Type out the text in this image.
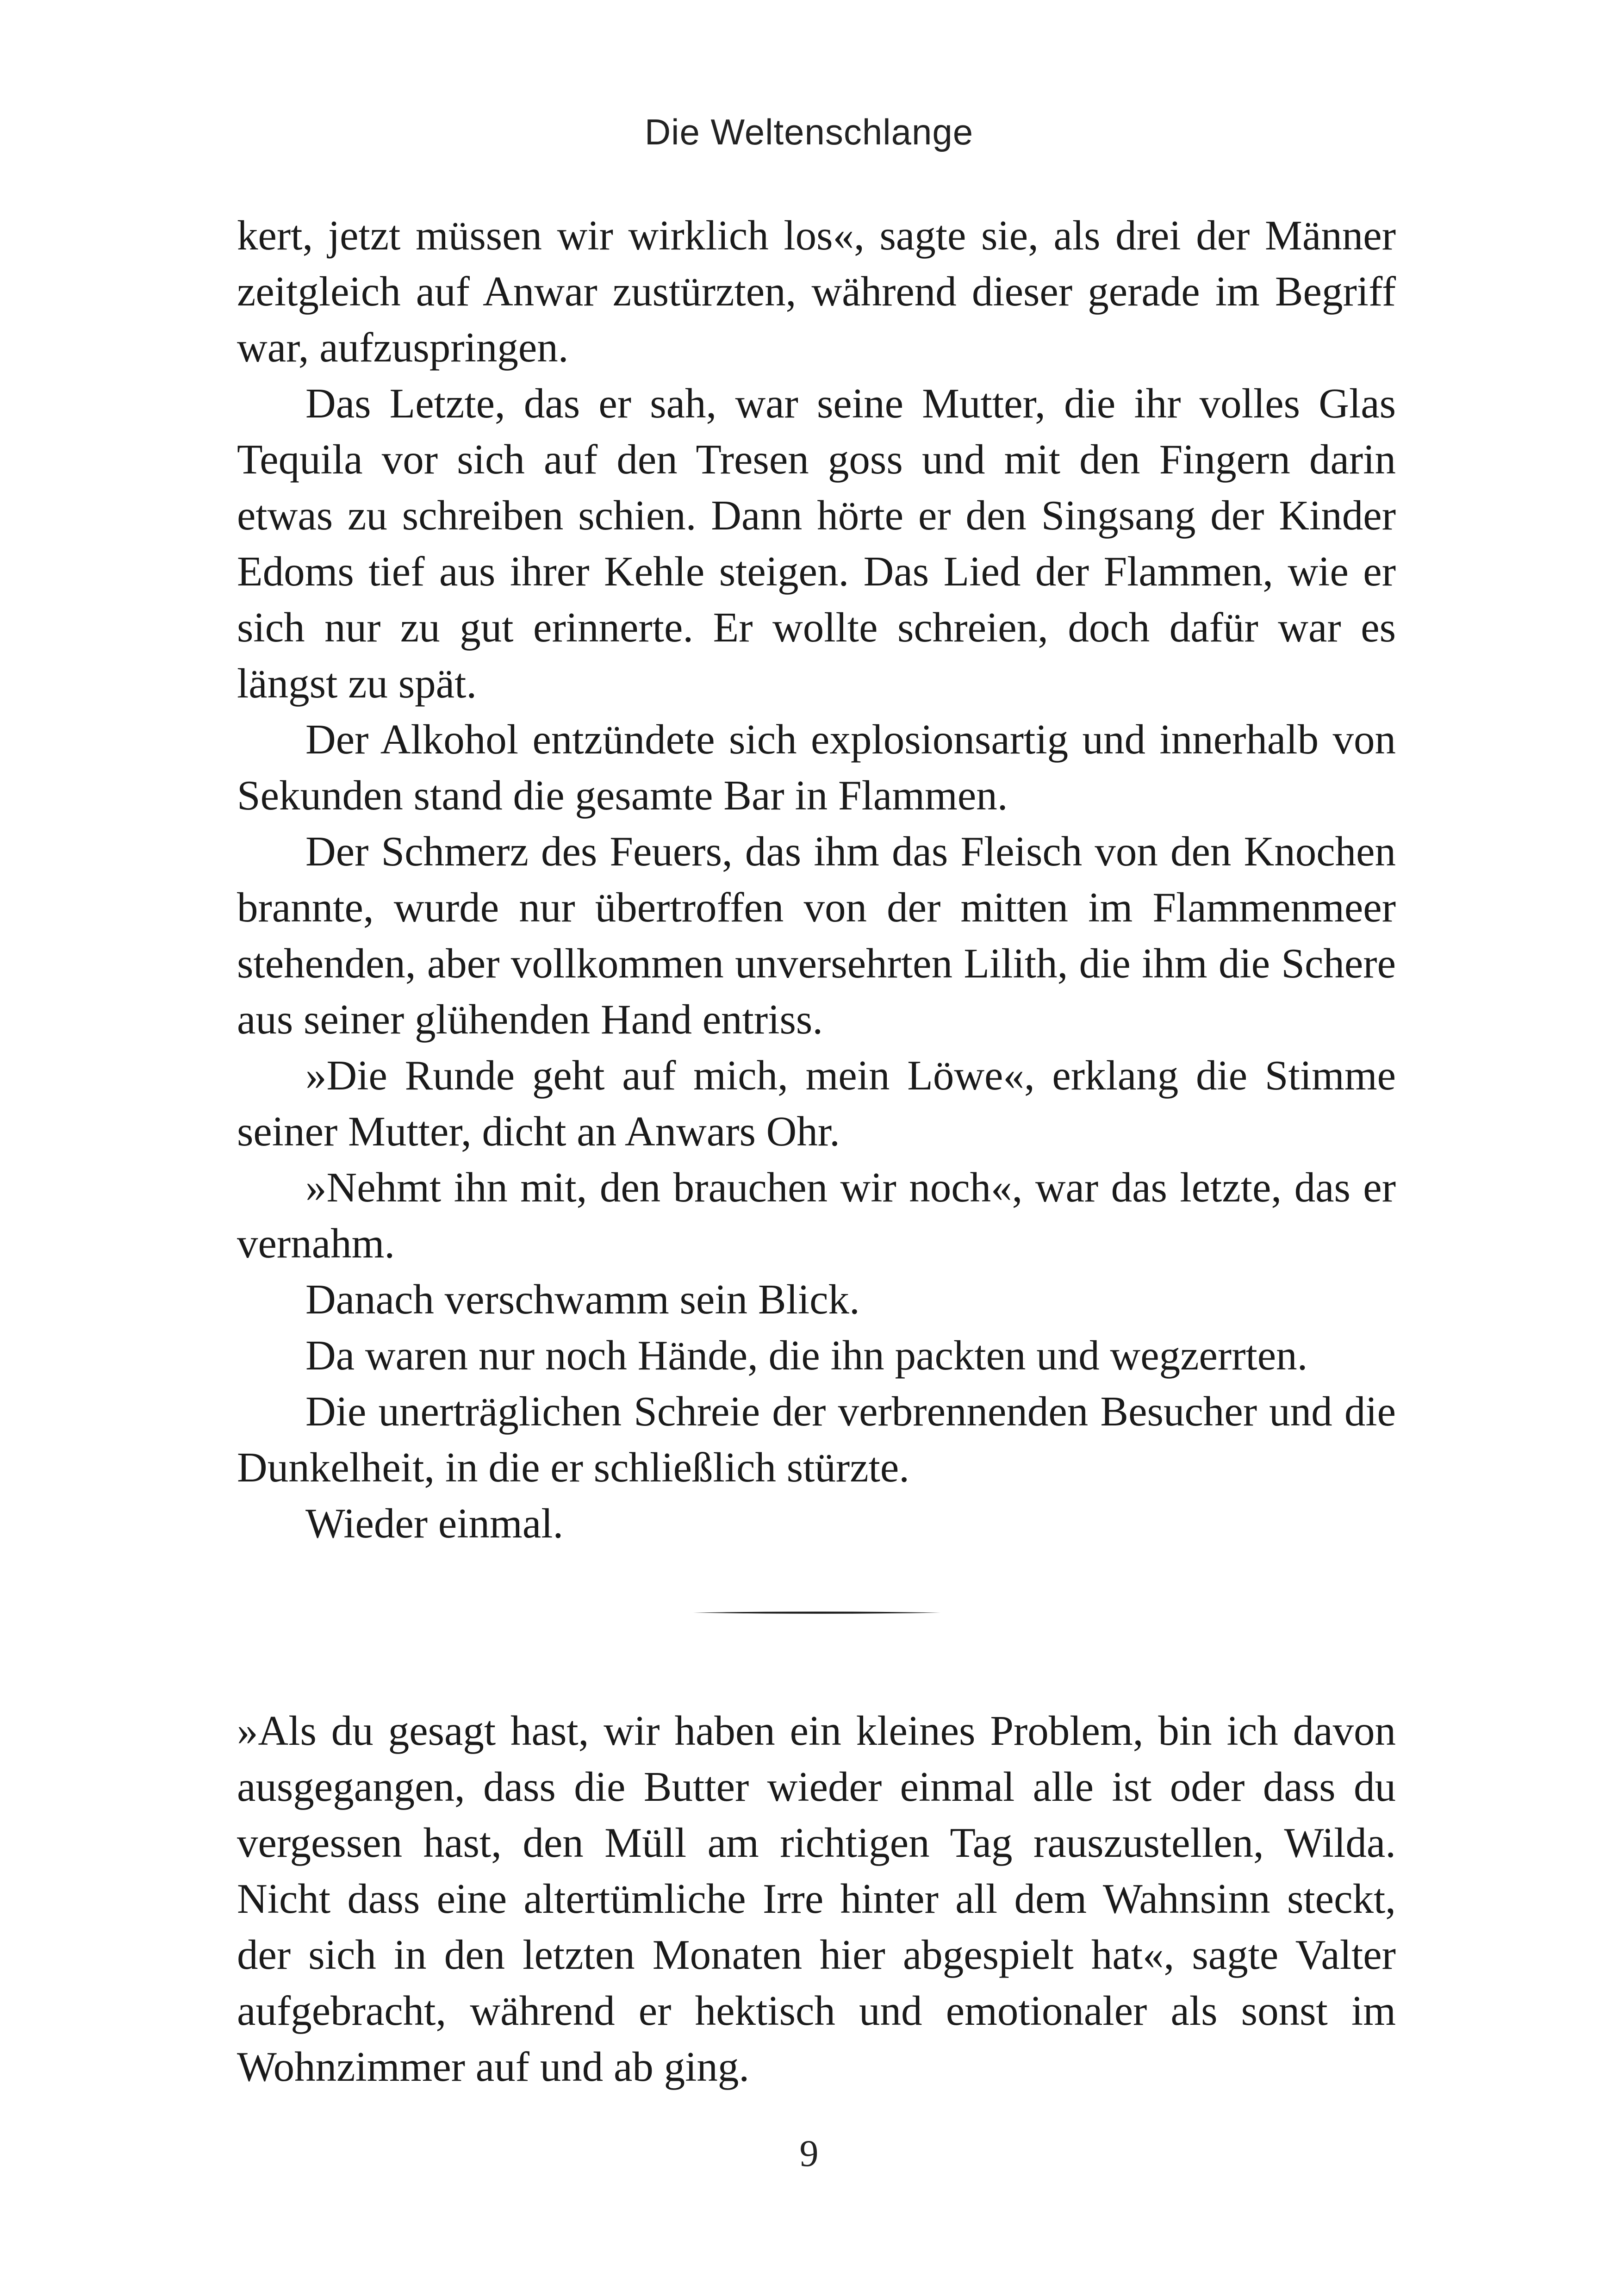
Die Weltenschlange

kert, jetzt müssen wir wirklich los«, sagte sie, als drei der Männer zeitgleich auf Anwar zustürzten, während dieser gerade im Begriff war, aufzuspringen.

Das Letzte, das er sah, war seine Mutter, die ihr volles Glas Tequila vor sich auf den Tresen goss und mit den Fingern darin etwas zu schreiben schien. Dann hörte er den Singsang der Kinder Edoms tief aus ihrer Kehle steigen. Das Lied der Flammen, wie er sich nur zu gut erinnerte. Er wollte schreien, doch dafür war es längst zu spät.

Der Alkohol entzündete sich explosionsartig und innerhalb von Sekunden stand die gesamte Bar in Flammen.

Der Schmerz des Feuers, das ihm das Fleisch von den Knochen brannte, wurde nur übertroffen von der mitten im Flammenmeer stehenden, aber vollkommen unversehrten Lilith, die ihm die Schere aus seiner glühenden Hand entriss.

»Die Runde geht auf mich, mein Löwe«, erklang die Stimme seiner Mutter, dicht an Anwars Ohr.

»Nehmt ihn mit, den brauchen wir noch«, war das letzte, das er vernahm.

Danach verschwamm sein Blick.

Da waren nur noch Hände, die ihn packten und wegzerrten.

Die unerträglichen Schreie der verbrennenden Besucher und die Dunkelheit, in die er schließlich stürzte.

Wieder einmal.

»Als du gesagt hast, wir haben ein kleines Problem, bin ich davon ausgegangen, dass die Butter wieder einmal alle ist oder dass du vergessen hast, den Müll am richtigen Tag rauszustellen, Wilda. Nicht dass eine altertümliche Irre hinter all dem Wahnsinn steckt, der sich in den letzten Monaten hier abgespielt hat«, sagte Valter aufgebracht, während er hektisch und emotionaler als sonst im Wohnzimmer auf und ab ging.

9
